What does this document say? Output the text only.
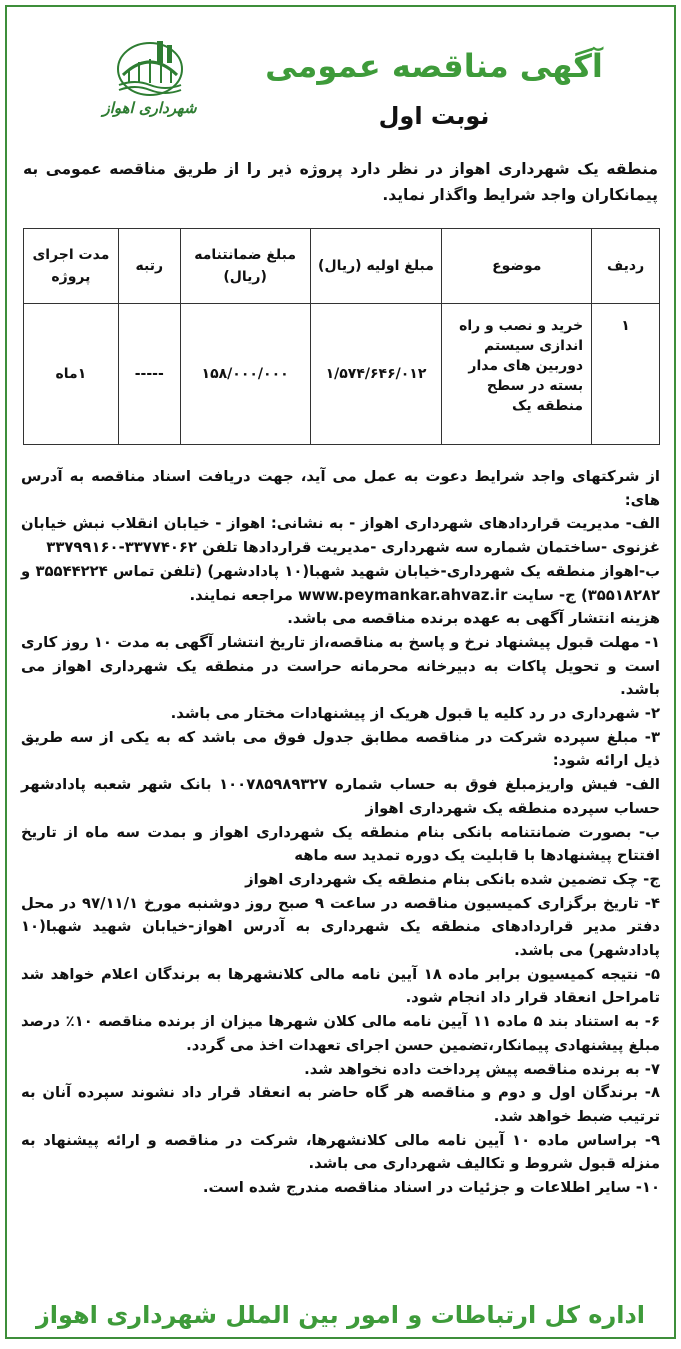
شهرداری اهواز
آگهی مناقصه عمومی
نوبت اول
منطقه یک شهرداری اهواز در نظر دارد پروژه ذیر را از طریق مناقصه عمومی به پیمانکاران واجد شرایط واگذار نماید.
ردیف	موضوع	مبلغ اولیه (ریال)	مبلغ ضمانتنامه (ریال)	رتبه	مدت اجرای پروژه
۱	خرید و نصب و راه اندازی سیستم دوربین های مدار بسته در سطح منطقه یک	۱/۵۷۴/۶۴۶/۰۱۲	۱۵۸/۰۰۰/۰۰۰	-----	۱ماه

از شرکتهای واجد شرایط دعوت به عمل می آید، جهت دریافت اسناد مناقصه به آدرس های:

الف- مدیریت قراردادهای شهرداری اهواز - به نشانی: اهواز - خیابان انقلاب نبش خیابان غزنوی -ساختمان شماره سه شهرداری -مدیریت قراردادها تلفن ۳۳۷۷۴۰۶۲-۳۳۷۹۹۱۶۰

ب-اهواز منطقه یک شهرداری-خیابان شهید شهبا(۱۰ پادادشهر) (تلفن تماس ۳۵۵۴۴۲۲۴ و ۳۵۵۱۸۲۸۲) ج- سایت www.peymankar.ahvaz.ir مراجعه نمایند.

هزینه انتشار آگهی به عهده برنده مناقصه می باشد.

۱- مهلت قبول پیشنهاد نرخ و پاسخ به مناقصه،از تاریخ انتشار آگهی به مدت ۱۰ روز کاری است و تحویل پاکات به دبیرخانه محرمانه حراست در منطقه یک شهرداری اهواز می باشد.

۲- شهرداری در رد کلیه یا قبول هریک از پیشنهادات مختار می باشد.

۳- مبلغ سپرده شرکت در مناقصه مطابق جدول فوق می باشد که به یکی از سه طریق ذیل ارائه شود:

الف- فیش واریزمبلغ فوق به حساب شماره ۱۰۰۷۸۵۹۸۹۳۲۷ بانک شهر شعبه پادادشهر حساب سپرده منطقه یک شهرداری اهواز

ب- بصورت ضمانتنامه بانکی بنام منطقه یک شهرداری اهواز و بمدت سه ماه از تاریخ افتتاح پیشنهادها با قابلیت یک دوره تمدید سه ماهه

ج- چک تضمین شده بانکی بنام منطقه یک شهرداری اهواز

۴- تاریخ برگزاری کمیسیون مناقصه در ساعت ۹ صبح روز دوشنبه مورخ ۹۷/۱۱/۱ در محل دفتر مدیر قراردادهای منطقه یک شهرداری به آدرس اهواز-خیابان شهید شهبا(۱۰ پادادشهر) می باشد.

۵- نتیجه کمیسیون برابر ماده ۱۸ آیین نامه مالی کلانشهرها به برندگان اعلام خواهد شد تامراحل انعقاد قرار داد انجام شود.

۶- به استناد بند ۵ ماده ۱۱ آیین نامه مالی کلان شهرها میزان از برنده مناقصه ۱۰٪ درصد مبلغ پیشنهادی پیمانکار،تضمین حسن اجرای تعهدات اخذ می گردد.

۷- به برنده مناقصه پیش پرداخت داده نخواهد شد.

۸- برندگان اول و دوم و مناقصه هر گاه حاضر به انعقاد قرار داد نشوند سپرده آنان به ترتیب ضبط خواهد شد.

۹- براساس ماده ۱۰ آیین نامه مالی کلانشهرها، شرکت در مناقصه و ارائه پیشنهاد به منزله قبول شروط و تکالیف شهرداری می باشد.

۱۰- سایر اطلاعات و جزئیات در اسناد مناقصه مندرج شده است.

اداره کل ارتباطات و امور بین الملل شهرداری اهواز
